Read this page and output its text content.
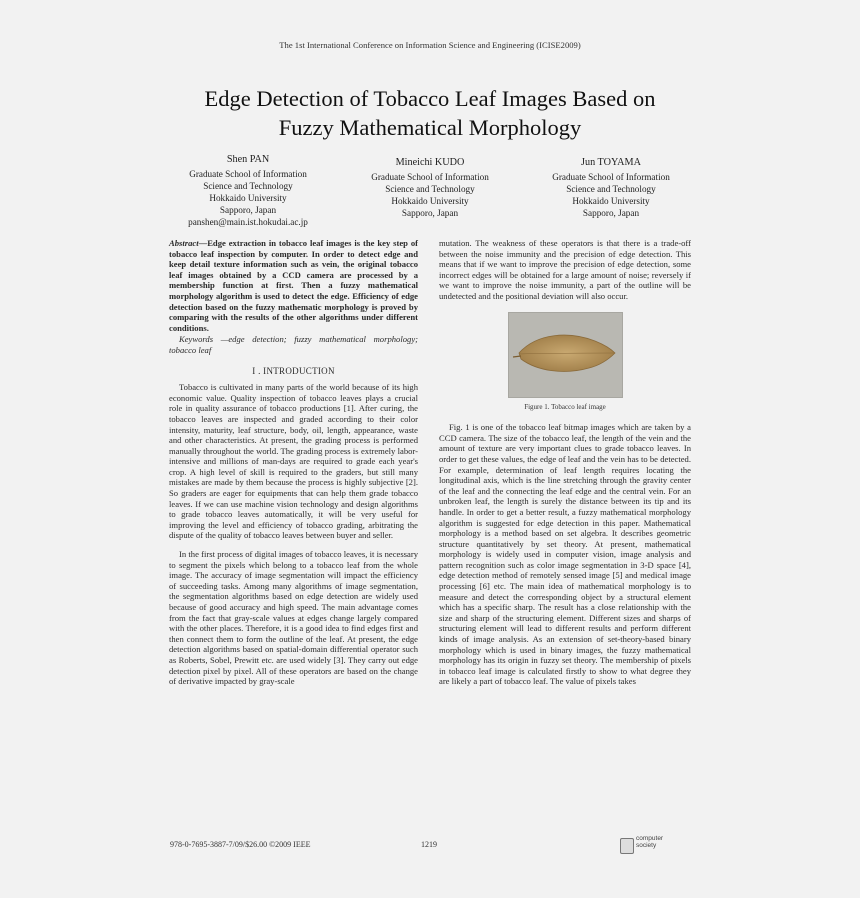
The 1st International Conference on Information Science and Engineering (ICISE2009)
Edge Detection of Tobacco Leaf Images Based on
Fuzzy Mathematical Morphology
Shen PAN
Graduate School of Information
Science and Technology
Hokkaido University
Sapporo, Japan
panshen@main.ist.hokudai.ac.jp
Mineichi KUDO
Graduate School of Information
Science and Technology
Hokkaido University
Sapporo, Japan
Jun TOYAMA
Graduate School of Information
Science and Technology
Hokkaido University
Sapporo, Japan

Abstract—Edge extraction in tobacco leaf images is the key step of tobacco leaf inspection by computer. In order to detect edge and keep detail texture information such as vein, the original tobacco leaf images obtained by a CCD camera are processed by a membership function at first. Then a fuzzy mathematical morphology algorithm is used to detect the edge. Efficiency of edge detection based on the fuzzy mathematic morphology is proved by comparing with the results of the other algorithms under different conditions.

Keywords —edge detection; fuzzy mathematical morphology; tobacco leaf

I . INTRODUCTION

Tobacco is cultivated in many parts of the world because of its high economic value. Quality inspection of tobacco leaves plays a crucial role in quality assurance of tobacco productions [1]. After curing, the tobacco leaves are inspected and graded according to their color intensity, maturity, leaf structure, body, oil, length, appearance, waste and other characteristics. At present, the grading process is performed manually throughout the world. The grading process is extremely labor-intensive and millions of man-days are required to grade each year's crop. A high level of skill is required to the graders, but still many mistakes are made by them because the process is highly subjective [2]. So graders are eager for equipments that can help them grade tobacco leaves. If we can use machine vision technology and design algorithms to grade tobacco leaves automatically, it will be very useful for improving the level and efficiency of tobacco grading, arbitrating the dispute of the quality of tobacco leaves between buyer and seller.

In the first process of digital images of tobacco leaves, it is necessary to segment the pixels which belong to a tobacco leaf from the whole image. The accuracy of image segmentation will impact the efficiency of succeeding tasks. Among many algorithms of image segmentation, the segmentation algorithms based on edge detection are widely used because of good accuracy and high speed. The main advantage comes from the fact that gray-scale values at edges change largely compared with the other places. Therefore, it is a good idea to find edges first and then connect them to form the outline of the leaf. At present, the edge detection algorithms based on spatial-domain differential operator such as Roberts, Sobel, Prewitt etc. are used widely [3]. They carry out edge detection pixel by pixel. All of these operators are based on the change of derivative impacted by gray-scale

mutation. The weakness of these operators is that there is a trade-off between the noise immunity and the precision of edge detection. This means that if we want to improve the precision of edge detection, some incorrect edges will be obtained for a large amount of noise; reversely if we want to improve the noise immunity, a part of the outline will be undetected and the positional deviation will also occur.

Figure 1. Tobacco leaf image

Fig. 1 is one of the tobacco leaf bitmap images which are taken by a CCD camera. The size of the tobacco leaf, the length of the vein and the amount of texture are very important clues to grade tobacco leaves. In order to get these values, the edge of leaf and the vein has to be detected. For example, determination of leaf length requires locating the longitudinal axis, which is the line stretching through the gravity center of the leaf and the connecting the leaf edge and the central vein. For an unbroken leaf, the length is surely the distance between its tip and its handle. In order to get a better result, a fuzzy mathematical morphology algorithm is suggested for edge detection in this paper. Mathematical morphology is a method based on set algebra. It describes geometric structure quantitatively by set theory. At present, mathematical morphology is widely used in computer vision, image analysis and pattern recognition such as color image segmentation in 3-D space [4], edge detection method of remotely sensed image [5] and medical image processing [6] etc. The main idea of mathematical morphology is to measure and detect the corresponding object by a structural element which has a specific sharp. The result has a close relationship with the size and sharp of the structuring element. Different sizes and sharps of structuring element will lead to different results and perform different kinds of image analysis. As an extension of set-theory-based binary morphology which is used in binary images, the fuzzy mathematical morphology has its origin in fuzzy set theory. The membership of pixels in tobacco leaf image is calculated firstly to show to what degree they are likely a part of tobacco leaf. The value of pixels takes

978-0-7695-3887-7/09/$26.00 ©2009 IEEE	1219
computer society
